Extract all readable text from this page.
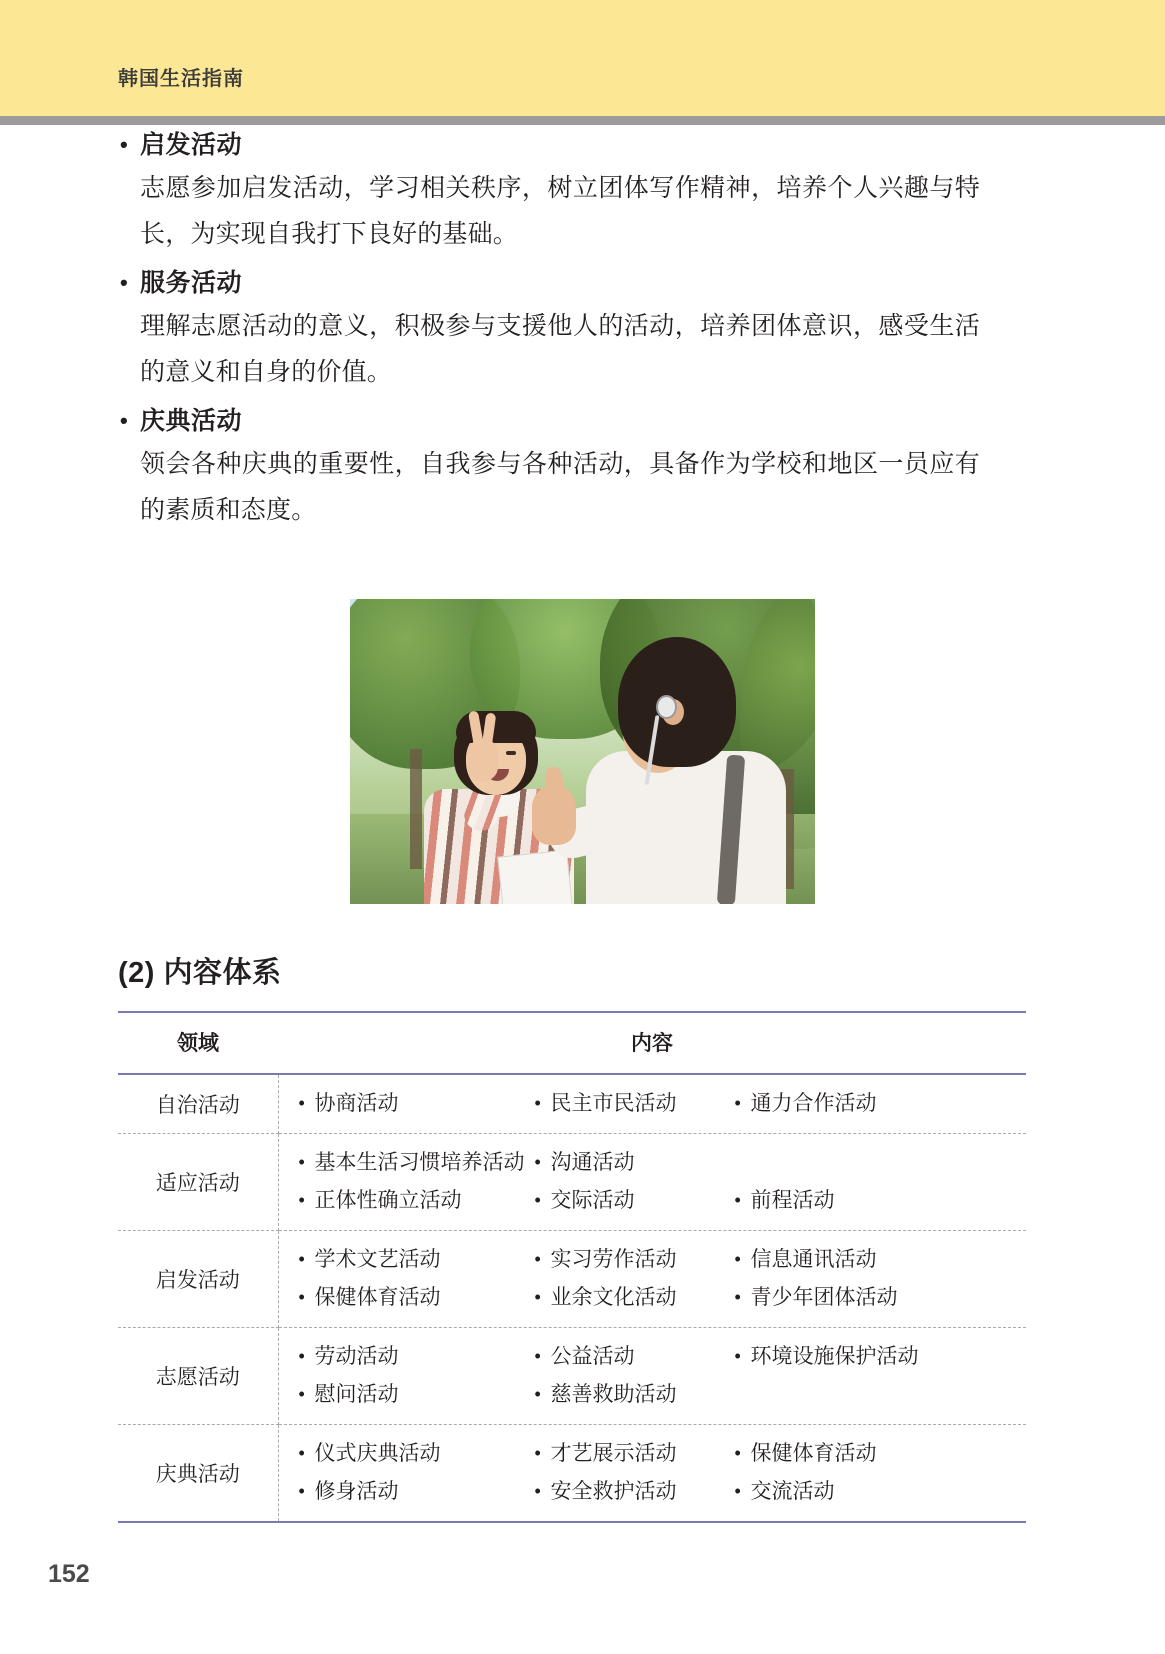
韩国生活指南
• 启发活动
志愿参加启发活动，学习相关秩序，树立团体写作精神，培养个人兴趣与特长，为实现自我打下良好的基础。
• 服务活动
理解志愿活动的意义，积极参与支援他人的活动，培养团体意识，感受生活的意义和自身的价值。
• 庆典活动
领会各种庆典的重要性，自我参与各种活动，具备作为学校和地区一员应有的素质和态度。
(2) 内容体系
领域	内容
自治活动	• 协商活动 • 民主市民活动 • 通力合作活动

适应活动	• 基本生活习惯培养活动 • 沟通活动
• 正体性确立活动 • 交际活动 • 前程活动

启发活动	
• 学术文艺活动	• 实习劳作活动	• 信息通讯活动
• 保健体育活动	• 业余文化活动	• 青少年团体活动

志愿活动	• 劳动活动 • 公益活动 • 环境设施保护活动
• 慰问活动 • 慈善救助活动

庆典活动	
• 仪式庆典活动	• 才艺展示活动	• 保健体育活动
• 修身活动	• 安全救护活动	• 交流活动
152
